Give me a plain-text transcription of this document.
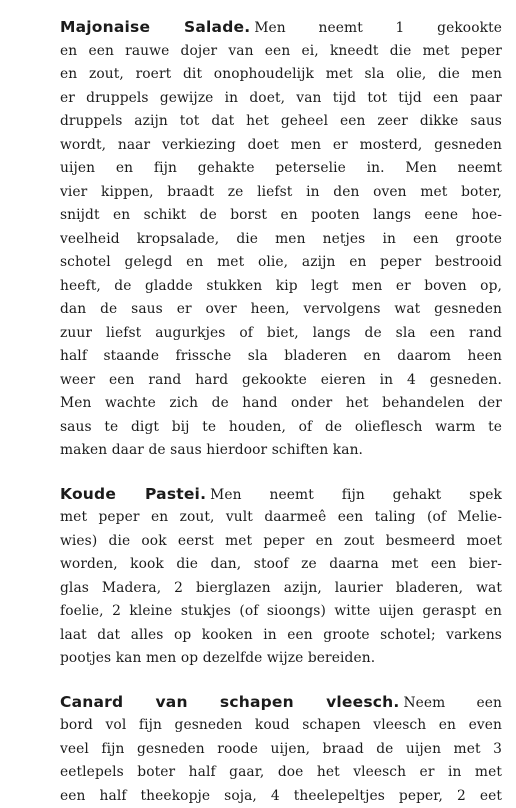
Majonaise Salade. Men neemt 1 gekookte
en een rauwe dojer van een ei, kneedt die met peper
en zout, roert dit onophoudelijk met sla olie, die men
er druppels gewijze in doet, van tijd tot tijd een paar
druppels azijn tot dat het geheel een zeer dikke saus
wordt, naar verkiezing doet men er mosterd, gesneden
uijen en fijn gehakte peterselie in. Men neemt
vier kippen, braadt ze liefst in den oven met boter,
snijdt en schikt de borst en pooten langs eene hoe-
veelheid kropsalade, die men netjes in een groote
schotel gelegd en met olie, azijn en peper bestrooid
heeft, de gladde stukken kip legt men er boven op,
dan de saus er over heen, vervolgens wat gesneden
zuur liefst augurkjes of biet, langs de sla een rand
half staande frissche sla bladeren en daarom heen
weer een rand hard gekookte eieren in 4 gesneden.
Men wachte zich de hand onder het behandelen der
saus te digt bij te houden, of de olieflesch warm te
maken daar de saus hierdoor schiften kan.
Koude Pastei. Men neemt fijn gehakt spek
met peper en zout, vult daarmeê een taling (of Melie-
wies) die ook eerst met peper en zout besmeerd moet
worden, kook die dan, stoof ze daarna met een bier-
glas Madera, 2 bierglazen azijn, laurier bladeren, wat
foelie, 2 kleine stukjes (of sioongs) witte uijen geraspt en
laat dat alles op kooken in een groote schotel; varkens
pootjes kan men op dezelfde wijze bereiden.
Canard van schapen vleesch. Neem een
bord vol fijn gesneden koud schapen vleesch en even
veel fijn gesneden roode uijen, braad de uijen met 3
eetlepels boter half gaar, doe het vleesch er in met
een half theekopje soja, 4 theelepeltjes peper, 2 eet
